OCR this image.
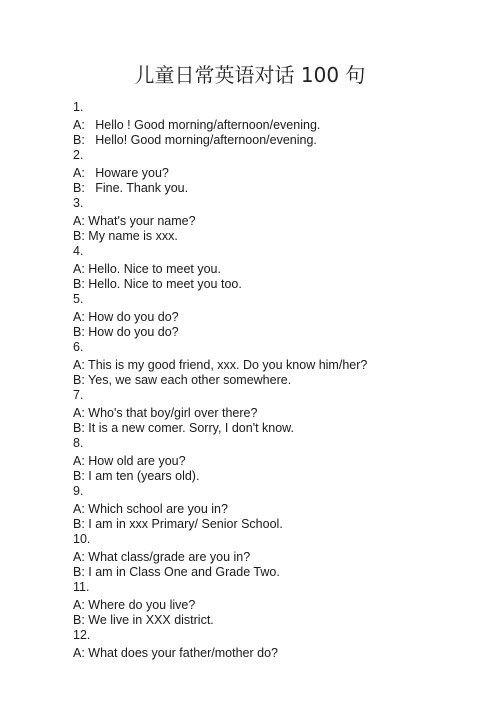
儿童日常英语对话 100 句
1.
A:   Hello ! Good morning/afternoon/evening.
B:   Hello! Good morning/afternoon/evening.
2.
A:   Howare you?
B:   Fine. Thank you.
3.
A: What's your name?
B: My name is xxx.
4.
A: Hello. Nice to meet you.
B: Hello. Nice to meet you too.
5.
A: How do you do?
B: How do you do?
6.
A: This is my good friend, xxx. Do you know him/her?
B: Yes, we saw each other somewhere.
7.
A: Who's that boy/girl over there?
B: It is a new comer. Sorry, I don't know.
8.
A: How old are you?
B: I am ten (years old).
9.
A: Which school are you in?
B: I am in xxx Primary/ Senior School.
10.
A: What class/grade are you in?
B: I am in Class One and Grade Two.
11.
A: Where do you live?
B: We live in XXX district.
12.
A: What does your father/mother do?
